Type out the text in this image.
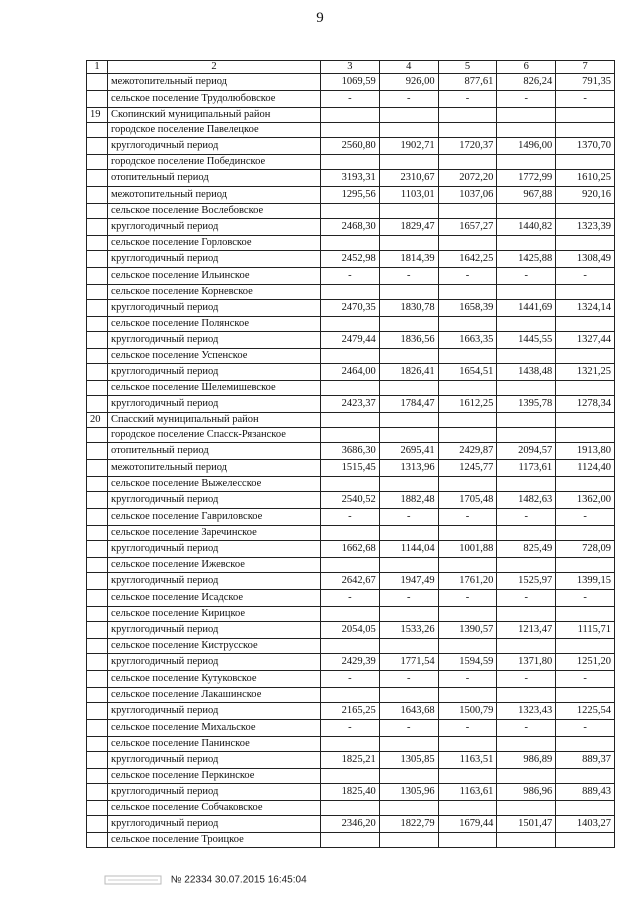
9
1	2	3	4	5	6	7
	межотопительный период	1069,59	926,00	877,61	826,24	791,35
	сельское поселение Трудолюбовское	-	-	-	-	-
19	Скопинский муниципальный район					
	городское поселение Павелецкое					
	круглогодичный период	2560,80	1902,71	1720,37	1496,00	1370,70
	городское поселение Побединское					
	отопительный период	3193,31	2310,67	2072,20	1772,99	1610,25
	межотопительный период	1295,56	1103,01	1037,06	967,88	920,16
	сельское поселение Вослебовское					
	круглогодичный период	2468,30	1829,47	1657,27	1440,82	1323,39
	сельское поселение Горловское					
	круглогодичный период	2452,98	1814,39	1642,25	1425,88	1308,49
	сельское поселение Ильинское	-	-	-	-	-
	сельское поселение Корневское					
	круглогодичный период	2470,35	1830,78	1658,39	1441,69	1324,14
	сельское поселение Полянское					
	круглогодичный период	2479,44	1836,56	1663,35	1445,55	1327,44
	сельское поселение Успенское					
	круглогодичный период	2464,00	1826,41	1654,51	1438,48	1321,25
	сельское поселение Шелемишевское					
	круглогодичный период	2423,37	1784,47	1612,25	1395,78	1278,34
20	Спасский муниципальный район					
	городское поселение Спасск-Рязанское					
	отопительный период	3686,30	2695,41	2429,87	2094,57	1913,80
	межотопительный период	1515,45	1313,96	1245,77	1173,61	1124,40
	сельское поселение Выжелесское					
	круглогодичный период	2540,52	1882,48	1705,48	1482,63	1362,00
	сельское поселение Гавриловское	-	-	-	-	-
	сельское поселение Заречинское					
	круглогодичный период	1662,68	1144,04	1001,88	825,49	728,09
	сельское поселение Ижевское					
	круглогодичный период	2642,67	1947,49	1761,20	1525,97	1399,15
	сельское поселение Исадское	-	-	-	-	-
	сельское поселение Кирицкое					
	круглогодичный период	2054,05	1533,26	1390,57	1213,47	1115,71
	сельское поселение Киструсское					
	круглогодичный период	2429,39	1771,54	1594,59	1371,80	1251,20
	сельское поселение Кутуковское	-	-	-	-	-
	сельское поселение Лакашинское					
	круглогодичный период	2165,25	1643,68	1500,79	1323,43	1225,54
	сельское поселение Михальское	-	-	-	-	-
	сельское поселение Панинское					
	круглогодичный период	1825,21	1305,85	1163,51	986,89	889,37
	сельское поселение Перкинское					
	круглогодичный период	1825,40	1305,96	1163,61	986,96	889,43
	сельское поселение Собчаковское					
	круглогодичный период	2346,20	1822,79	1679,44	1501,47	1403,27
	сельское поселение Троицкое					
№ 22334 30.07.2015 16:45:04
